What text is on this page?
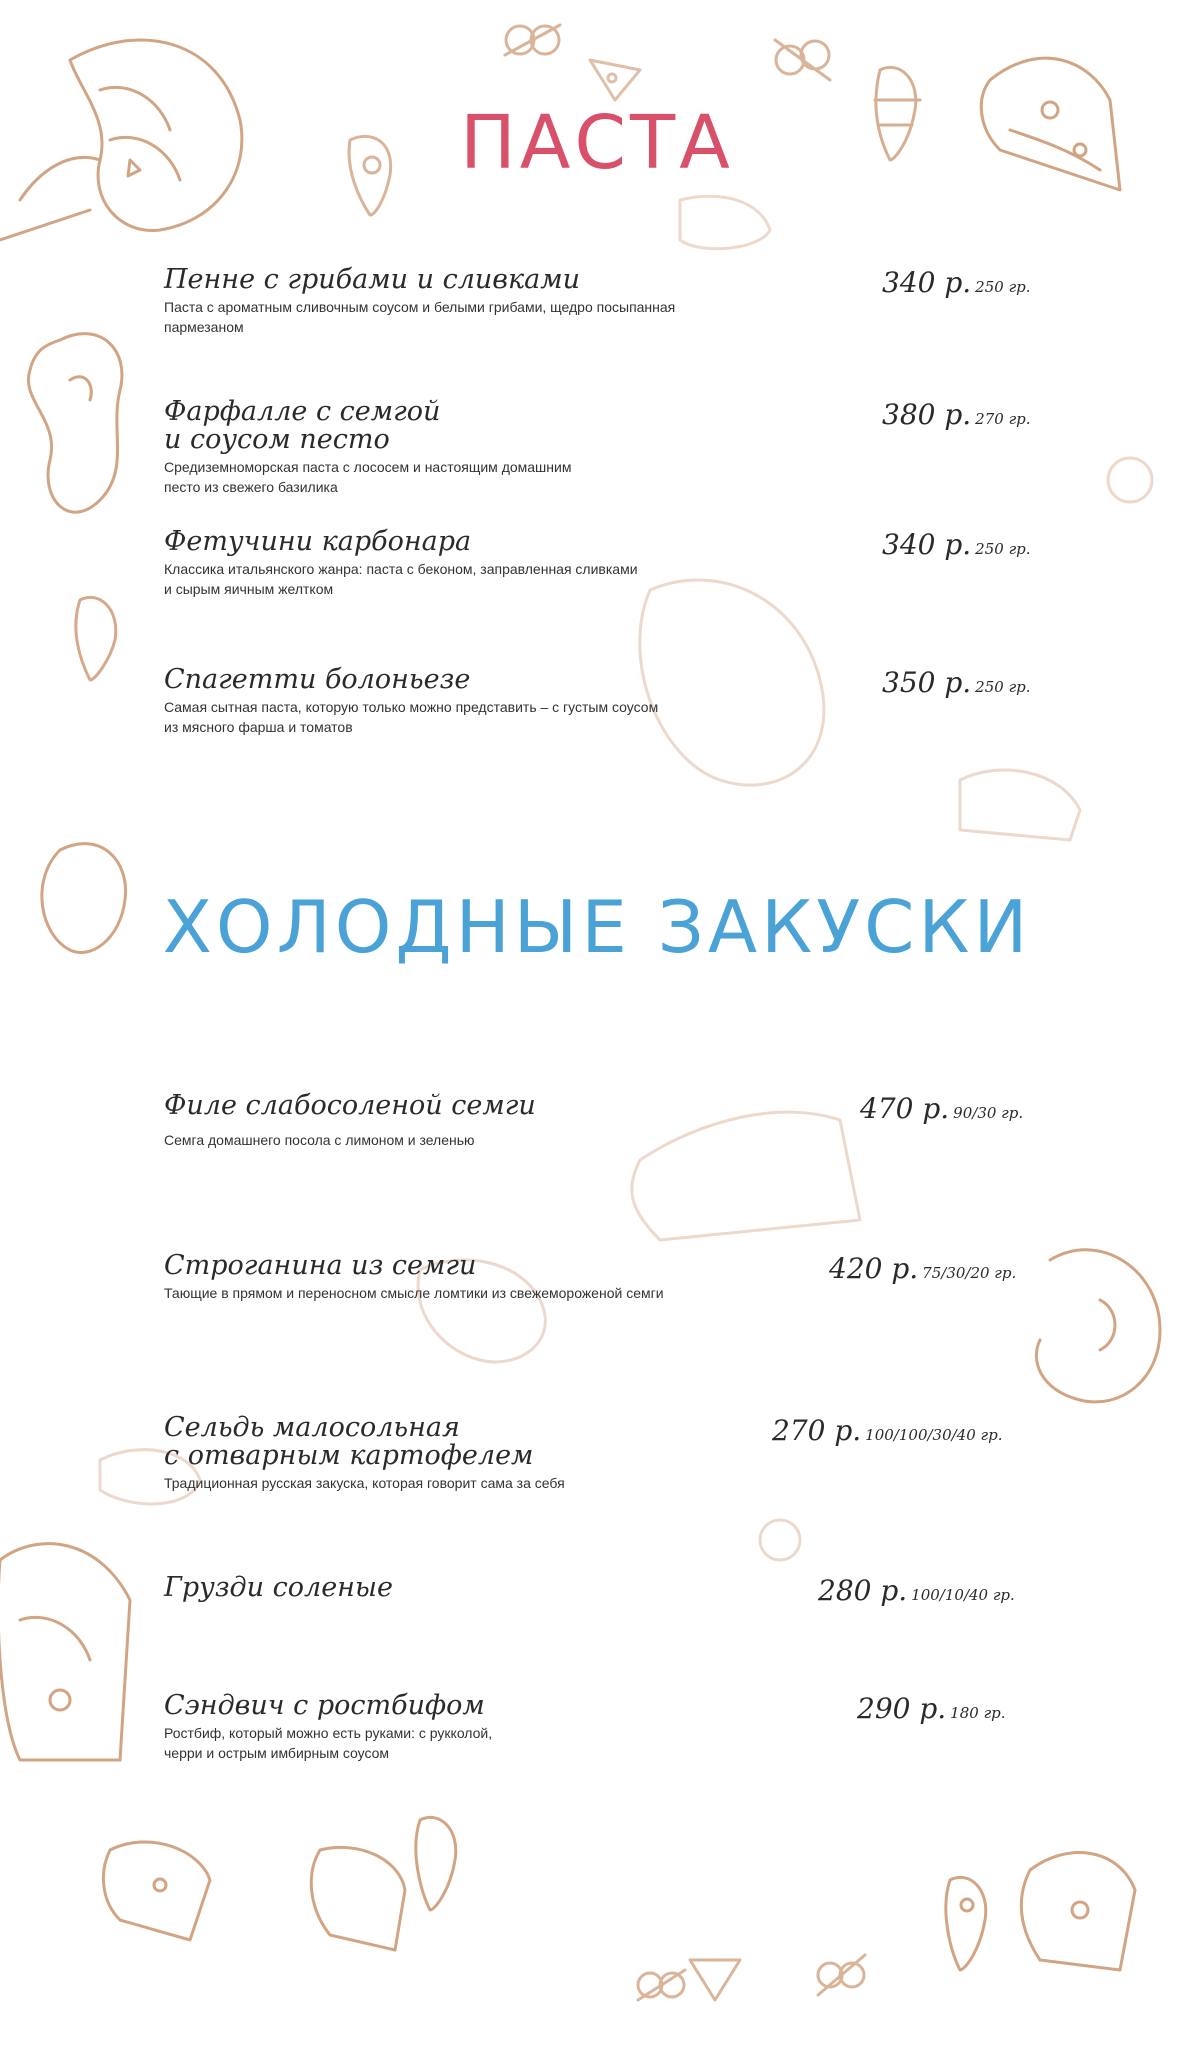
ПАСТА
Пенне с грибами и сливками
Паста с ароматным сливочным соусом и белыми грибами, щедро посыпанная пармезаном
340 р. 250 гр.
Фарфалле с семгой
и соусом песто
Средиземноморская паста с лососем и настоящим домашним
песто из свежего базилика
380 р. 270 гр.
Фетучини карбонара
Классика итальянского жанра: паста с беконом, заправленная сливками
и сырым яичным желтком
340 р. 250 гр.
Спагетти болоньезе
Самая сытная паста, которую только можно представить – с густым соусом
из мясного фарша и томатов
350 р. 250 гр.
ХОЛОДНЫЕ ЗАКУСКИ
Филе слабосоленой семги
Семга домашнего посола с лимоном и зеленью
470 р. 90/30 гр.
Строганина из семги
Тающие в прямом и переносном смысле ломтики из свежемороженой семги
420 р. 75/30/20 гр.
Сельдь малосольная
с отварным картофелем
Традиционная русская закуска, которая говорит сама за себя
270 р. 100/100/30/40 гр.
Грузди соленые	280 р. 100/10/40 гр.
Сэндвич с ростбифом
Ростбиф, который можно есть руками: с рукколой,
черри и острым имбирным соусом
290 р. 180 гр.
